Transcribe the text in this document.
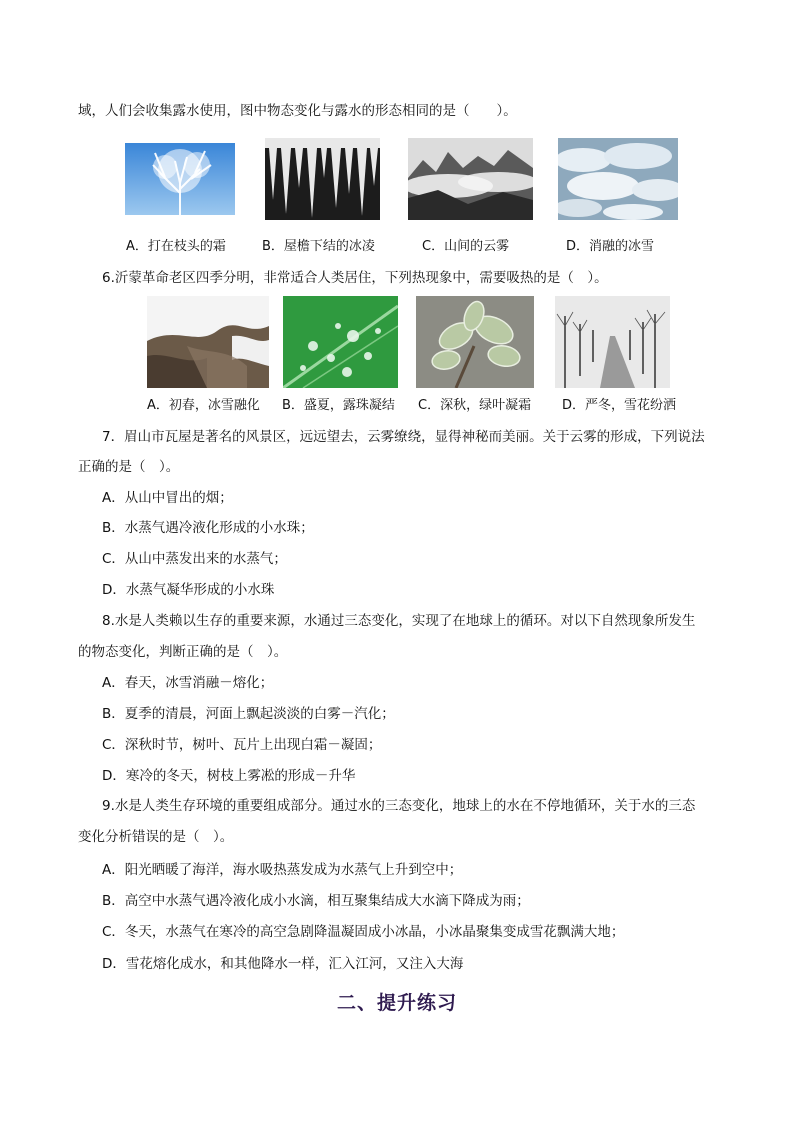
域，人们会收集露水使用，图中物态变化与露水的形态相同的是（　　）。
A．打在枝头的霜	B．屋檐下结的冰凌	C．山间的云雾	D．消融的冰雪
6.沂蒙革命老区四季分明，非常适合人类居住，下列热现象中，需要吸热的是（　）。
A．初春，冰雪融化 B．盛夏，露珠凝结 C．深秋，绿叶凝霜 D．严冬，雪花纷洒
7．眉山市瓦屋是著名的风景区，远远望去，云雾缭绕，显得神秘而美丽。关于云雾的形成，下列说法
正确的是（　）。
A．从山中冒出的烟；
B．水蒸气遇冷液化形成的小水珠；
C．从山中蒸发出来的水蒸气；
D．水蒸气凝华形成的小水珠
8.水是人类赖以生存的重要来源，水通过三态变化，实现了在地球上的循环。对以下自然现象所发生
的物态变化，判断正确的是（　）。
A．春天，冰雪消融－熔化；
B．夏季的清晨，河面上飘起淡淡的白雾－汽化；
C．深秋时节，树叶、瓦片上出现白霜－凝固；
D．寒冷的冬天，树枝上雾凇的形成－升华
9.水是人类生存环境的重要组成部分。通过水的三态变化，地球上的水在不停地循环，关于水的三态
变化分析错误的是（　）。
A．阳光晒暖了海洋，海水吸热蒸发成为水蒸气上升到空中；
B．高空中水蒸气遇冷液化成小水滴，相互聚集结成大水滴下降成为雨；
C．冬天，水蒸气在寒冷的高空急剧降温凝固成小冰晶，小冰晶聚集变成雪花飘满大地；
D．雪花熔化成水，和其他降水一样，汇入江河，又注入大海
二、提升练习
